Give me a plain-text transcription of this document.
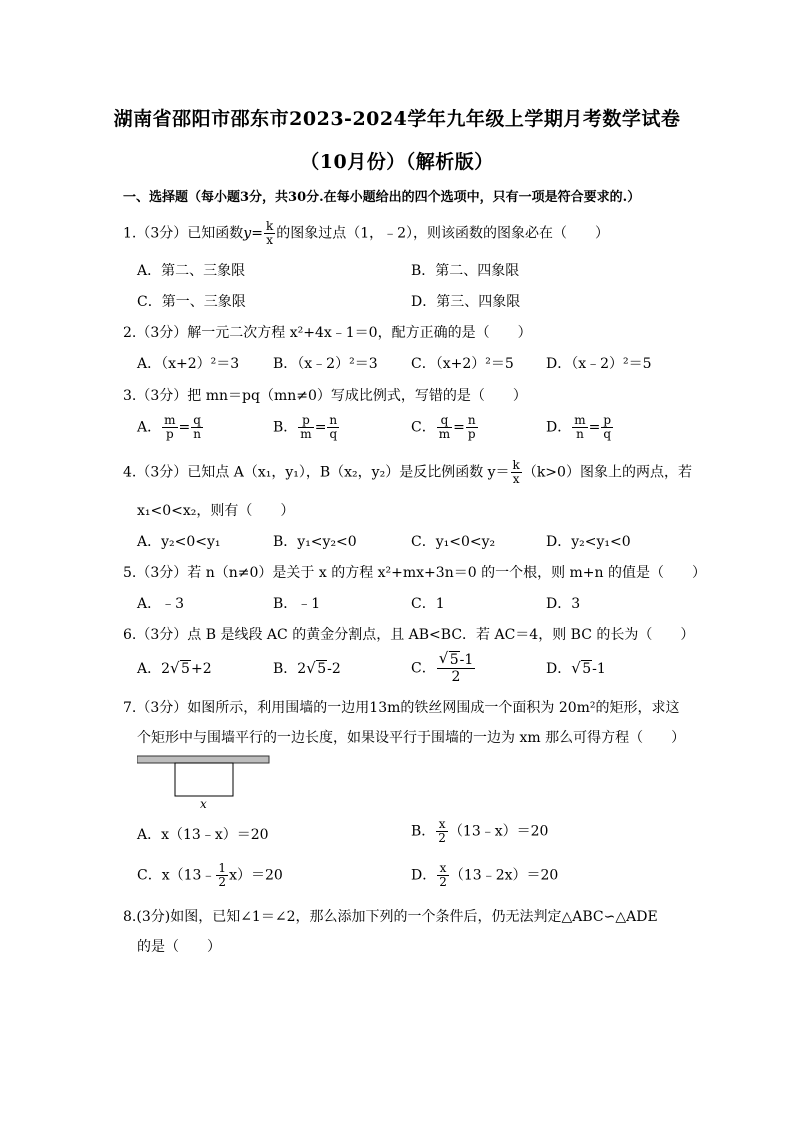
湖南省邵阳市邵东市2023-2024学年九年级上学期月考数学试卷
（10月份）（解析版）
一、选择题（每小题3分，共30分.在每小题给出的四个选项中，只有一项是符合要求的.）
1.（3分）已知函数$y= \frac{k}{x}$ 的图象过点（1，﹣2），则该函数的图象必在（　　）
A．第二、三象限	B．第二、四象限
C．第一、三象限	D．第三、四象限
2.（3分）解一元二次方程 x²+4x﹣1＝0，配方正确的是（　　）
A．（x+2）²＝3 B．（x﹣2）²＝3 C．（x+2）²＝5 D．（x﹣2）²＝5
3.（3分）把 mn＝pq（mn≠0）写成比例式，写错的是（　　）
A． $\frac{m}{p} = \frac{q}{n}$	B． $\frac{p}{m} = \frac{n}{q}$	C． $\frac{q}{m} = \frac{n}{p}$	D． $\frac{m}{n} = \frac{p}{q}$
4.（3分）已知点 A（x₁，y₁），B（x₂，y₂）是反比例函数 $y= \frac{k}{x} (k>0)$图象上的两点，若
x₁<0<x₂，则有（　　）
A．y₂<0<y₁	B．y₁<y₂<0	C．y₁<0<y₂	D．y₂<y₁<0
5.（3分）若 n（n≠0）是关于 x 的方程 x²+mx+3n＝0 的一个根，则 m+n 的值是（　　）
A．﹣3	B．﹣1	C．1	D．3
6.（3分）点 B 是线段 AC 的黄金分割点，且 AB<BC．若 AC＝4，则 BC 的长为（　　）
A．2 √ 5+2	B．2 √ 5-2	C． √ $\frac{5-1}{2}$	D． √ 5-1
7.（3分）如图所示，利用围墙的一边用13m的铁丝网围成一个面积为 20m²的矩形，求这
个矩形中与围墙平行的一边长度，如果设平行于围墙的一边为 xm 那么可得方程（　　）
x
A．x（13﹣x）＝20	B． $\frac{x}{2}$ （13﹣x）＝20
C．x（13﹣ $\frac{1}{2} x)=20$	D． $\frac{x}{2}$ （13﹣2x）＝20
8.(3分)如图，已知∠1＝∠2，那么添加下列的一个条件后，仍无法判定△ABC∽△ADE
的是（　　）
